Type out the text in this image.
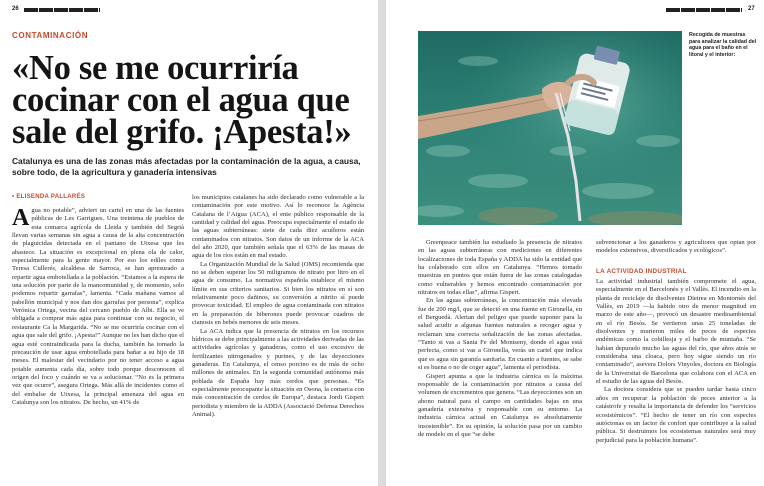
26
CONTAMINACIÓN
«No se me ocurriría cocinar con el agua que sale del grifo. ¡Apesta!»
Catalunya es una de las zonas más afectadas por la contaminación de la agua, a causa, sobre todo, de la agricultura y ganadería intensivas
• ELISENDA PALLARÉS
Agua no potable”, adviert un cartel en una de las fuentes públicas de Les Garrigues. Una treintena de pueblos de esta comarca agrícola de Lleida y también del Segrià llevan varias semanas sin agua a causa de la alta concentración de plaguicidas detectada en el pantano de Utxesa que les abastece. La situación es excepcional en plena ola de calor, especialmente para la gente mayor. Por eso los edíles como Teresa Cullerés, alcaldesa de Sarroca, se han apresurado a repartir agua embotellada a la población. “Estamos a la espera de una solución por parte de la mancomunidad y, de momento, solo podemos repartir garrafas”, lamenta. “Cada mañana vamos al pabellón municipal y nos dan dos garrafas por persona”, explica Verónica Ortega, vecina del cercano pueblo de Albi. Ella se ve obligada a comprar más agua para continuar con su negocio, el restaurante Ca la Margarida. “No se me ocurriría cocinar con el agua que sale del grifo. ¡Apesta!” Aunque no les han dicho que el agua esté contraindicada para la ducha, también ha tomado la precaución de usar agua embotellada para bañar a su hijo de 18 meses. El malestar del vecindario por no tener acceso a agua potable aumenta cada día, sobre todo porque desconocen el origen del foco y cuándo se va a solucionar. “No es la primera vez que ocurre”, asegura Ortega. Más allá de incidentes como el del embalse de Utxesa, la principal amenaza del agua en Catalunya son los nitratos. De hecho, un 41% de

los municipios catalanes ha sido declarado como vulnerable a la contaminación por este motivo. Así lo reconoce la Agència Catalana de l’Aigua (ACA), el ente público responsable de la cantidad y calidad del agua. Preocupa especialmente el estado de las aguas subterráneas: siete de cada diez acuíferos están contaminados con nitratos. Son datos de un informe de la ACA del año 2020, que también señala que el 63% de las masas de agua de los ríos están en mal estado.

La Organización Mundial de la Salud (OMS) recomienda que no se deben superar los 50 miligramos de nitrato por litro en el agua de consumo. La normativa española establece el mismo límite en sus criterios sanitarios. Si bien los nitratos en sí son relativamente poco dañinos, su conversión a nitrito sí puede provocar toxicidad. El empleo de agua contaminada con nitratos en la preparación de biberones puede provocar cuadros de cianosis en bebés menores de seis meses.

La ACA indica que la presencia de nitratos en los recursos hídricos se debe principalmente a las actividades derivadas de las actividades agrícolas y ganaderas, como el uso excesivo de fertilizantes nitrogenados y purines, y de las deyecciones ganaderas. En Catalunya, el censo porcino es de más de ocho millones de animales. En la segunda comunidad autónoma más poblada de España hay más cerdos que personas. “Es especialmente preocupante la situación en Osona, la comarca con más concentración de cerdos de Europa”, destaca Jordi Gispert periodista y miembro de la ADDA (Associació Defensa Derechos Animal).

27
Recogida de muestras para analizar la calidad del agua para el baño en el litoral y el interior:

Greenpeace también ha estudiado la presencia de nitratos en las aguas subterráneas con mediciones en diferentes localizaciones de toda España y ADDA ha sido la entidad que ha colaborado con ellos en Catalunya. “Hemos tomado muestras en puntos que están fuera de las zonas catalogadas como vulnerables y hemos encontrado contaminación por nitratos en todas ellas”, afirma Gispert.

En las aguas subterráneas, la concentración más elevada fue de 200 mg/l, que se detectó en una fuente en Gironella, en el Berguedà. Alertan del peligro que puede suponer para la salud acudir a algunas fuentes naturales a recoger agua y reclaman una correcta señalización de las zonas afectadas. “Tanto si vas a Santa Fe del Montseny, donde el agua está perfecta, como si vas a Gironella, verás un cartel que indica que es agua sin garantía sanitaria. En cuanto a fuentes, se sabe si es buena o no de coger agua”, lamenta el periodista.

Gispert apunta a que la industria cárnica es la máxima responsable de la contaminación por nitratos a causa del volumen de excrementos que genera. “Las deyecciones son un abono natural para el campo en cantidades bajas en una ganadería extensiva y responsable con su entorno. La industria cárnica actual en Catalunya es absolutamente insostenible”. En su opinión, la solución pasa por un cambio de modelo en el que “se debe

subvencionar a los ganaderos y agricultores que optan por modelos extensivos, diversificados y ecológicos”.

LA ACTIVIDAD INDUSTRIAL

La actividad industrial también compromete el agua, especialmente en el Barcelonès y el Vallès. El incendio en la planta de reciclaje de disolventes Dietrea en Montornès del Vallès, en 2019 —la habido otro de menor magnitud en marzo de este año—, provocó un desastre medioambiental en el río Besòs. Se vertieron unas 25 toneladas de disolventes y murieron miles de peces de especies endémicas como la cobillesja y el barbo de muntaña. “Se habían depurado mucho las aguas del río, que años atrás se consideraba una cloaca, pero hoy sigue siendo un río contaminado”, asevera Dolors Vinyoles, doctora en Biología de la Universitat de Barcelona que colabora con el ACA en el estudio de las aguas del Besòs.

La doctora considera que se pueden tardar hasta cinco años en recuperar la población de peces anterior a la catástrofe y resalta la importancia de defender los “servicios ecosistémicos”. “El hecho de tener un río con especies autóctonas es un factor de confort que contribuye a la salud pública. Si destruimos los ecosistemas naturales será muy perjudicial para la población humana”.
